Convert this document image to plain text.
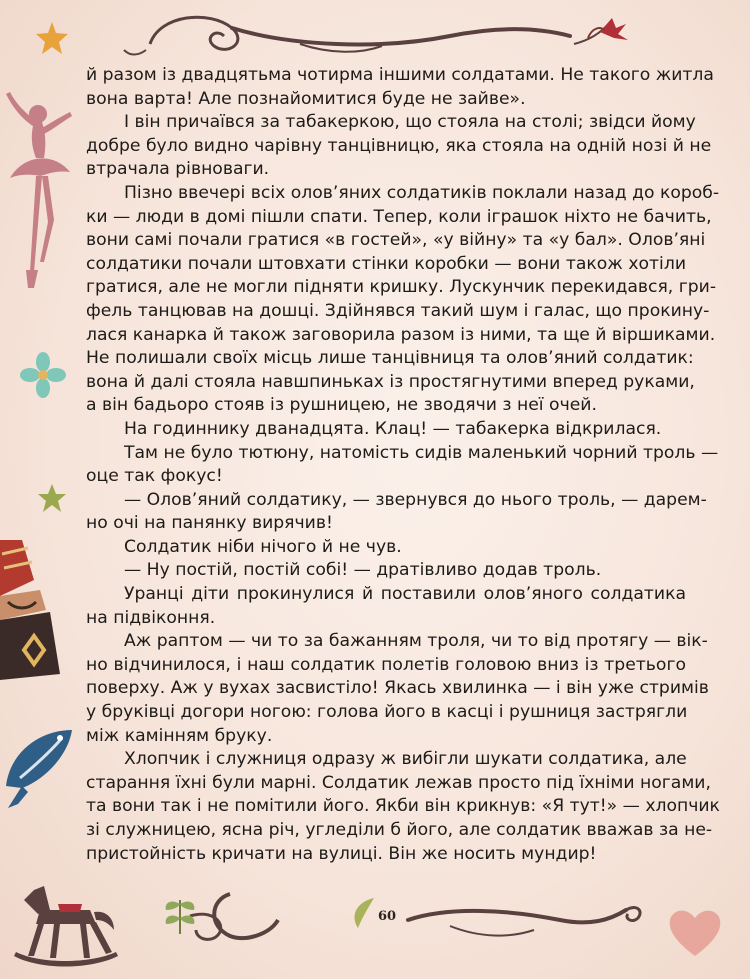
й разом із двадцятьма чотирма іншими солдатами. Не такого житла
вона варта! Але познайомитися буде не зайве».
І він причаївся за табакеркою, що стояла на столі; звідси йому
добре було видно чарівну танцівницю, яка стояла на одній нозі й не
втрачала рівноваги.
Пізно ввечері всіх олов’яних солдатиків поклали назад до короб-
ки — люди в домі пішли спати. Тепер, коли іграшок ніхто не бачить,
вони самі почали гратися «в гостей», «у війну» та «у бал». Олов’яні
солдатики почали штовхати стінки коробки — вони також хотіли
гратися, але не могли підняти кришку. Лускунчик перекидався, гри-
фель танцював на дошці. Здійнявся такий шум і галас, що прокину-
лася канарка й також заговорила разом із ними, та ще й віршиками.
Не полишали своїх місць лише танцівниця та олов’яний солдатик:
вона й далі стояла навшпиньках із простягнутими вперед руками,
а він бадьоро стояв із рушницею, не зводячи з неї очей.
На годиннику дванадцята. Клац! — табакерка відкрилася.
Там не було тютюну, натомість сидів маленький чорний троль —
оце так фокус!
— Олов’яний солдатику, — звернувся до нього троль, — дарем-
но очі на панянку вирячив!
Солдатик ніби нічого й не чув.
— Ну постій, постій собі! — дратівливо додав троль.
Уранці діти прокинулися й поставили олов’яного солдатика
на підвіконня.
Аж раптом — чи то за бажанням троля, чи то від протягу — вік-
но відчинилося, і наш солдатик полетів головою вниз із третього
поверху. Аж у вухах засвистіло! Якась хвилинка — і він уже стримів
у бруківці догори ногою: голова його в касці і рушниця застрягли
між камінням бруку.
Хлопчик і служниця одразу ж вибігли шукати солдатика, але
старання їхні були марні. Солдатик лежав просто під їхніми ногами,
та вони так і не помітили його. Якби він крикнув: «Я тут!» — хлопчик
зі служницею, ясна річ, угледіли б його, але солдатик вважав за не-
пристойність кричати на вулиці. Він же носить мундир!
60
